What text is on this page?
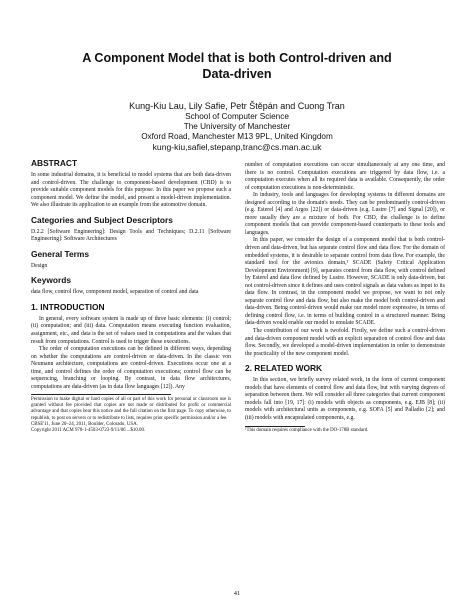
A Component Model that is both Control-driven and
Data-driven
Kung-Kiu Lau, Lily Safie, Petr Štěpán and Cuong Tran
School of Computer Science
The University of Manchester
Oxford Road, Manchester M13 9PL, United Kingdom
kung-kiu,safiel,stepanp,tranc@cs.man.ac.uk
ABSTRACT

In some industrial domains, it is beneficial to model systems that are both data-driven and control-driven. The challenge to component-based development (CBD) is to provide suitable component models for this purpose. In this paper we propose such a component model. We define the model, and present a model-driven implementation. We also illustrate its application to an example from the automotive domain.

Categories and Subject Descriptors

D.2.2 [Software Engineering]: Design Tools and Techniques; D.2.11 [Software Engineering]: Software Architectures

General Terms

Design

Keywords

data flow, control flow, component model, separation of control and data

1. INTRODUCTION

In general, every software system is made up of three basic elements: (i) control; (ii) computation; and (iii) data. Computation means executing function evaluation, assignment, etc., and data is the set of values used in computations and the values that result from computations. Control is used to trigger these executions.

The order of computation executions can be defined in different ways, depending on whether the computations are control-driven or data-driven. In the classic von Neumann architecture, computations are control-driven. Executions occur one at a time, and control defines the order of computation executions; control flow can be sequencing, branching or looping. By contrast, in data flow architectures, computations are data-driven (as in data flow languages [12]). Any

Permission to make digital or hard copies of all or part of this work for personal or classroom use is granted without fee provided that copies are not made or distributed for profit or commercial advantage and that copies bear this notice and the full citation on the first page. To copy otherwise, to republish, to post on servers or to redistribute to lists, requires prior specific permission and/or a fee.

CBSE'11, June 20–24, 2011, Boulder, Colorado, USA.

Copyright 2011 ACM 978-1-4503-0723-9/11/06 ...$10.00.

number of computation executions can occur simultaneously at any one time, and there is no control. Computation executions are triggered by data flow, i.e. a computation executes when all its required data is available. Consequently, the order of computation executions is non-deterministic.

In industry, tools and languages for developing systems in different domains are designed according to the domain's needs. They can be predominantly control-driven (e.g. Esterel [4] and Argos [22]) or data-driven (e.g. Lustre [7] and Signal [20]), or more usually they are a mixture of both. For CBD, the challenge is to define component models that can provide component-based counterparts to these tools and languages.

In this paper, we consider the design of a component model that is both control-driven and data-driven, but has separate control flow and data flow. For the domain of embedded systems, it is desirable to separate control from data flow. For example, the standard tool for the avionics domain,¹ SCADE (Safety Critical Application Development Environment) [9], separates control from data flow, with control defined by Esterel and data flow defined by Lustre. However, SCADE is only data-driven, but not control-driven since it defines and uses control signals as data values as input to its data flow. In contrast, in the component model we propose, we want to not only separate control flow and data flow, but also make the model both control-driven and data-driven. Being control-driven would make our model more expressive, in terms of defining control flow, i.e. in terms of building control in a structured manner. Being data-driven would enable our model to emulate SCADE.

The contribution of our work is twofold. Firstly, we define such a control-driven and data-driven component model with an explicit separation of control flow and data flow. Secondly, we developed a model-driven implementation in order to demonstrate the practicality of the new component model.

2. RELATED WORK

In this section, we briefly survey related work, in the form of current component models that have elements of control flow and data flow, but with varying degrees of separation between them. We will consider all three categories that current component models fall into [19, 17]: (i) models with objects as components, e.g. EJB [8]; (ii) models with architectural units as components, e.g. SOFA [5] and Palladio [2]; and (iii) models with encapsulated components, e.g.

¹This domain requires compliance with the DO-178B standard.

41
